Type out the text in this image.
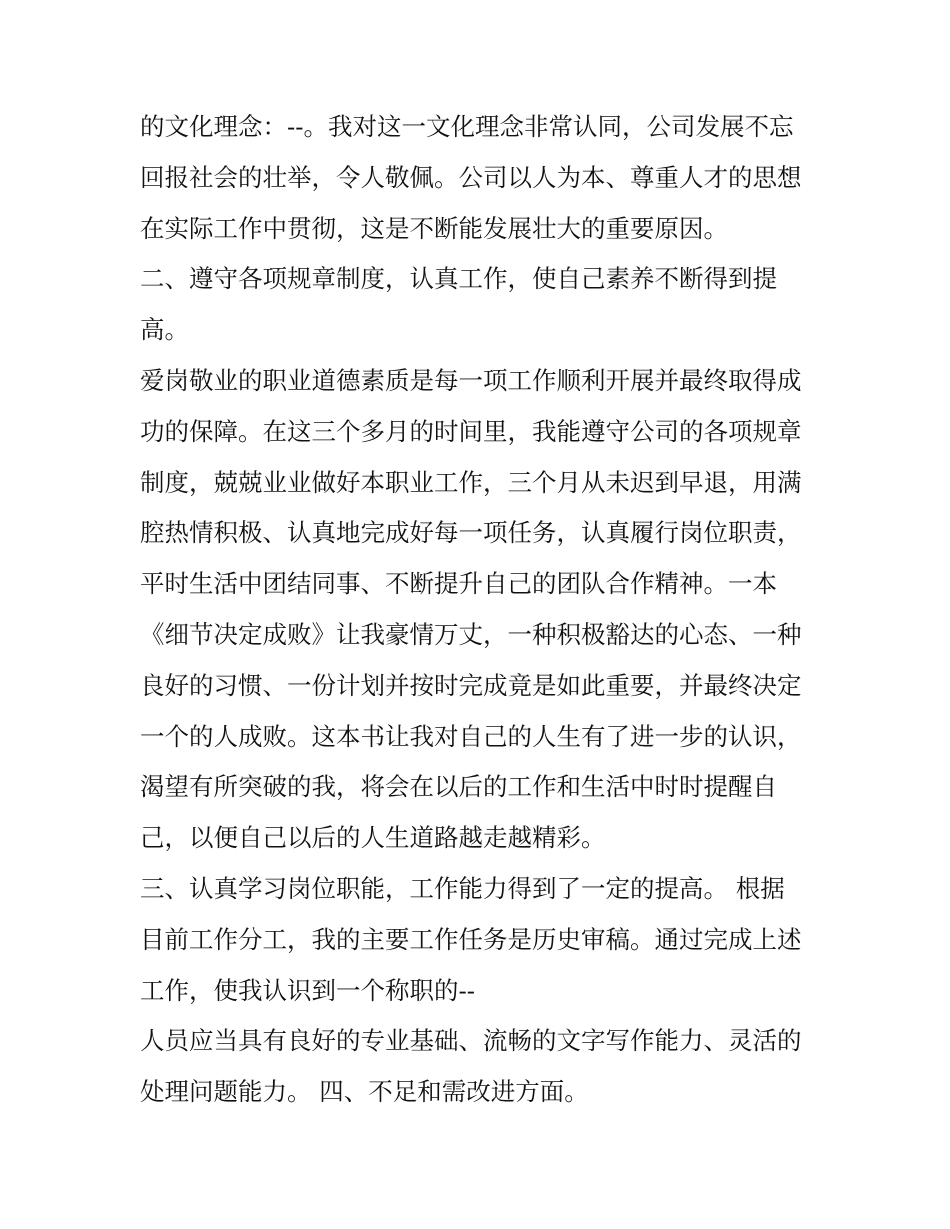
的文化理念：--。我对这一文化理念非常认同，公司发展不忘
回报社会的壮举，令人敬佩。公司以人为本、尊重人才的思想
在实际工作中贯彻，这是不断能发展壮大的重要原因。
二、遵守各项规章制度，认真工作，使自己素养不断得到提
高。
爱岗敬业的职业道德素质是每一项工作顺利开展并最终取得成
功的保障。在这三个多月的时间里，我能遵守公司的各项规章
制度，兢兢业业做好本职业工作，三个月从未迟到早退，用满
腔热情积极、认真地完成好每一项任务，认真履行岗位职责，
平时生活中团结同事、不断提升自己的团队合作精神。一本
《细节决定成败》让我豪情万丈，一种积极豁达的心态、一种
良好的习惯、一份计划并按时完成竟是如此重要，并最终决定
一个的人成败。这本书让我对自己的人生有了进一步的认识，
渴望有所突破的我，将会在以后的工作和生活中时时提醒自
己，以便自己以后的人生道路越走越精彩。
三、认真学习岗位职能，工作能力得到了一定的提高。 根据
目前工作分工，我的主要工作任务是历史审稿。通过完成上述
工作，使我认识到一个称职的--
人员应当具有良好的专业基础、流畅的文字写作能力、灵活的
处理问题能力。 四、不足和需改进方面。
